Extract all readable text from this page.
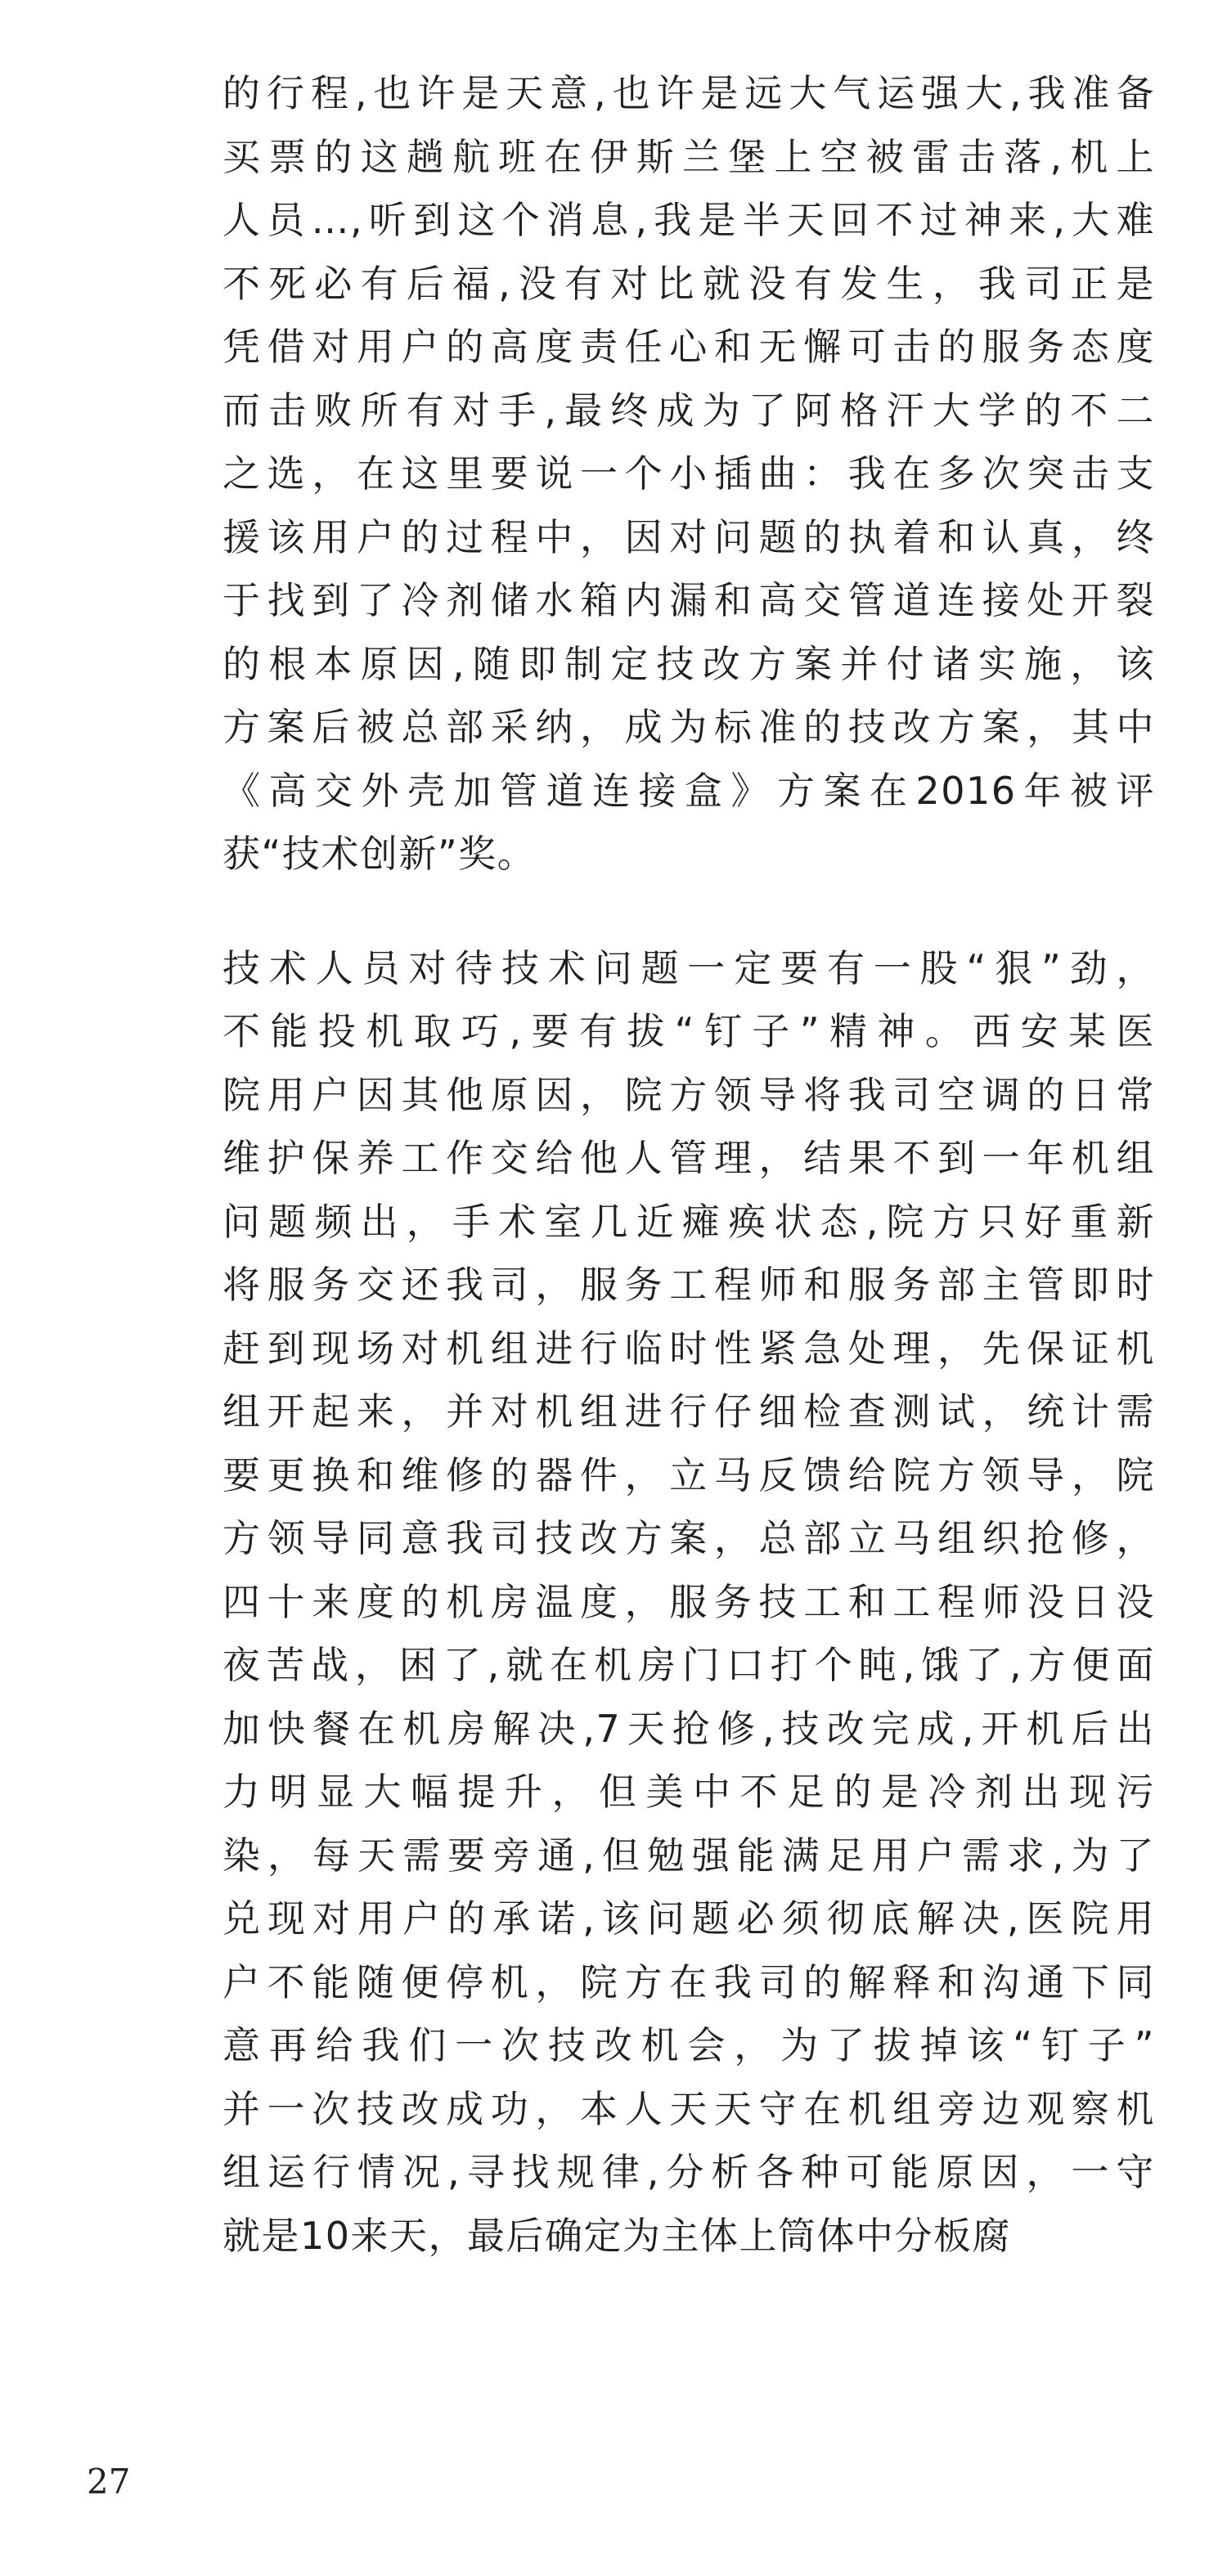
的行程,也许是天意,也许是远大气运强大,我准备
买票的这趟航班在伊斯兰堡上空被雷击落,机上
人员…,听到这个消息,我是半天回不过神来,大难
不死必有后福,没有对比就没有发生，我司正是
凭借对用户的高度责任心和无懈可击的服务态度
而击败所有对手,最终成为了阿格汗大学的不二
之选，在这里要说一个小插曲：我在多次突击支
援该用户的过程中，因对问题的执着和认真，终
于找到了冷剂储水箱内漏和高交管道连接处开裂
的根本原因,随即制定技改方案并付诸实施，该
方案后被总部采纳，成为标准的技改方案，其中
《高交外壳加管道连接盒》方案在2016年被评
获“技术创新”奖。

技术人员对待技术问题一定要有一股“狠”劲，
不能投机取巧,要有拔“钉子”精神。西安某医
院用户因其他原因，院方领导将我司空调的日常
维护保养工作交给他人管理，结果不到一年机组
问题频出，手术室几近瘫痪状态,院方只好重新
将服务交还我司，服务工程师和服务部主管即时
赶到现场对机组进行临时性紧急处理，先保证机
组开起来，并对机组进行仔细检查测试，统计需
要更换和维修的器件，立马反馈给院方领导，院
方领导同意我司技改方案，总部立马组织抢修，
四十来度的机房温度，服务技工和工程师没日没
夜苦战，困了,就在机房门口打个盹,饿了,方便面
加快餐在机房解决,7天抢修,技改完成,开机后出
力明显大幅提升，但美中不足的是冷剂出现污
染，每天需要旁通,但勉强能满足用户需求,为了
兑现对用户的承诺,该问题必须彻底解决,医院用
户不能随便停机，院方在我司的解释和沟通下同
意再给我们一次技改机会，为了拔掉该“钉子”
并一次技改成功，本人天天守在机组旁边观察机
组运行情况,寻找规律,分析各种可能原因，一守
就是10来天，最后确定为主体上筒体中分板腐

27
